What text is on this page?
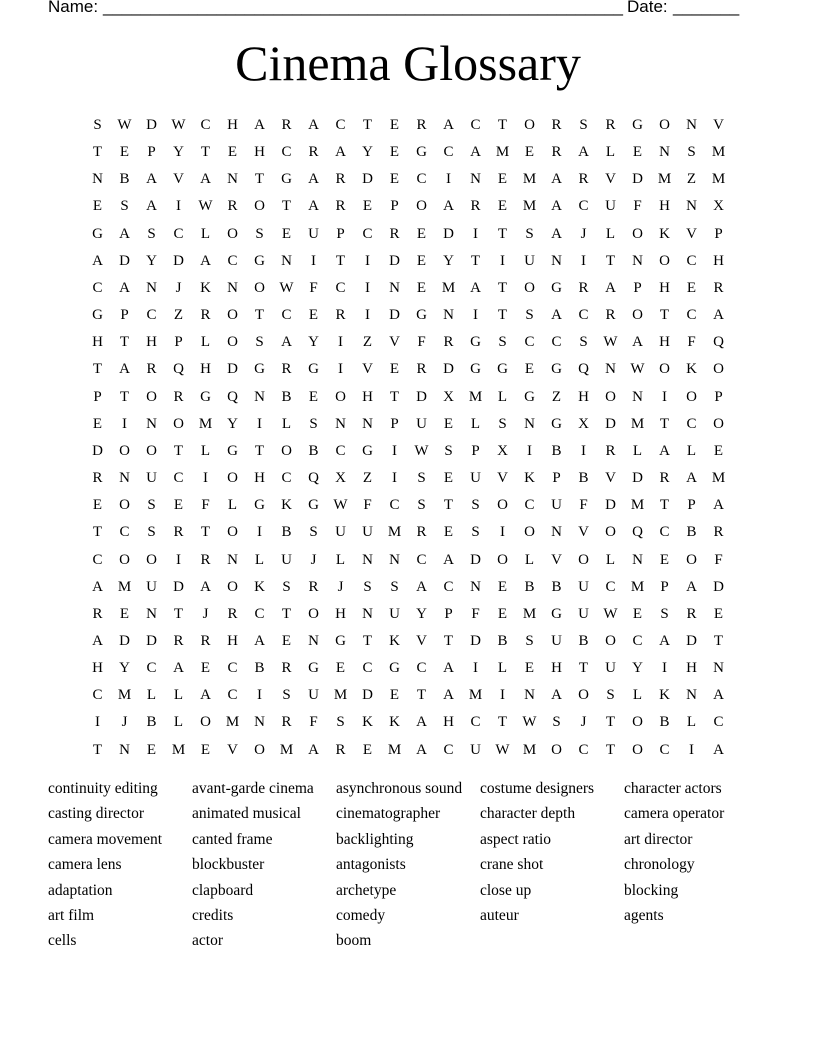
Name: _______________________________________________________ Date: _______
Cinema Glossary
S	W D W C	H	A	R	A	C	T	E	R	A	C	T	O	R	S	R	G	O	N	V
T	E	P	Y	T	E	H	C	R	A	Y	E	G	C	A M	E	R	A	L	E	N	S	M
N	B	A	V	A	N	T	G	A	R	D	E	C	I	N	E	M A	R	V	D M	Z	M
E	S	A	I	W R	O	T	A	R	E	P	O	A	R	E	M A	C	U	F	H	N	X
G	A	S	C	L	O	S	E	U	P	C	R	E	D	I	T	S	A	J	L	O	K	V	P
A	D	Y	D	A	C	G	N	I	T	I	D	E	Y	T	I	U	N	I	T	N	O	C	H
C	A	N	J	K	N	O W	F	C	I	N	E	M A	T	O	G	R	A	P	H	E	R
G	P	C	Z	R	O	T	C	E	R	I	D	G	N	I	T	S	A	C	R	O	T	C	A
H	T	H	P	L	O	S	A	Y	I	Z	V	F	R	G	S	C	C	S	W A	H	F	Q
T	A	R	Q	H	D	G	R	G	I	V	E	R	D	G	G	E	G	Q	N W O	K	O
P	T	O	R	G	Q	N	B	E	O	H	T	D	X M	L	G	Z	H	O	N	I	O	P
E	I	N	O M Y	I	L	S	N	N	P	U	E	L	S	N	G	X	D M	T	C	O
D	O	O	T	L	G	T	O	B	C	G	I	W	S	P	X	I	B	I	R	L	A	L	E
R	N	U	C	I	O	H	C	Q	X	Z	I	S	E	U	V	K	P	B	V	D	R	A M
E	O	S	E	F	L	G	K	G W	F	C	S	T	S	O	C	U	F	D M	T	P	A
T	C	S	R	T	O	I	B	S	U	U M	R	E	S	I	O	N	V	O	Q	C	B	R
C	O	O	I	R	N	L	U	J	L	N	N	C	A	D	O	L	V	O	L	N	E	O	F
A M U	D	A	O	K	S	R	J	S	S	A	C	N	E	B	B	U	C	M	P	A	D
R	E	N	T	J	R	C	T	O	H	N	U	Y	P	F	E	M G	U W	E	S	R	E
A	D	D	R	R	H	A	E	N	G	T	K	V	T	D	B	S	U	B	O	C	A	D	T
H	Y	C	A	E	C	B	R	G	E	C	G	C	A	I	L	E	H	T	U	Y	I	H	N
C	M	L	L	A	C	I	S	U M D	E	T	A M	I	N	A	O	S	L	K	N	A
I	J	B	L	O M N	R	F	S	K	K	A	H	C	T	W	S	J	T	O	B	L	C
T	N	E	M	E	V	O M A	R	E	M A	C	U W M O	C	T	O	C	I	A
continuity editing
casting director
camera movement
camera lens
adaptation
art film
cells
avant-garde cinema
animated musical
canted frame
blockbuster
clapboard
credits
actor
asynchronous sound
cinematographer
backlighting
antagonists
archetype
comedy
boom
costume designers
character depth
aspect ratio
crane shot
close up
auteur
character actors
camera operator
art director
chronology
blocking
agents
